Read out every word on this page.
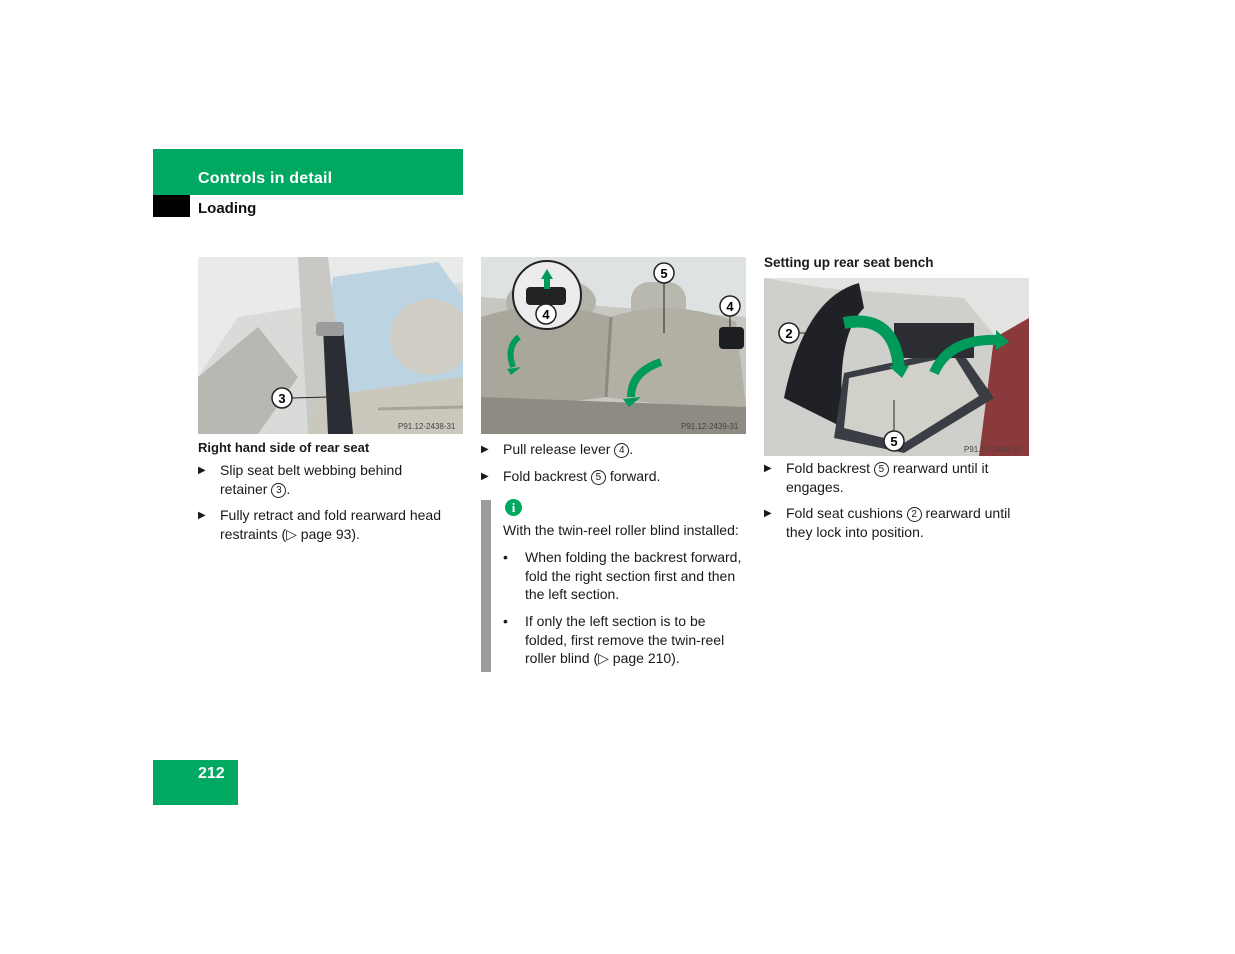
Controls in detail
Loading
3
P91.12-2438-31
Right hand side of rear seat
▶ Slip seat belt webbing behind
retainer 3 .
▶ Fully retract and fold rearward head
restraints (▷ page 93).
4
5
4
P91.12-2439-31
▶ Pull release lever 4 .
▶ Fold backrest 5 forward.
i
With the twin-reel roller blind installed:
• When folding the backrest forward,
fold the right section first and then
the left section.
• If only the left section is to be
folded, first remove the twin-reel
roller blind (▷ page 210).
Setting up rear seat bench
2
5
P91.12-2440-31
▶ Fold backrest 5 rearward until it
engages.
▶ Fold seat cushions 2 rearward until
they lock into position.
212
